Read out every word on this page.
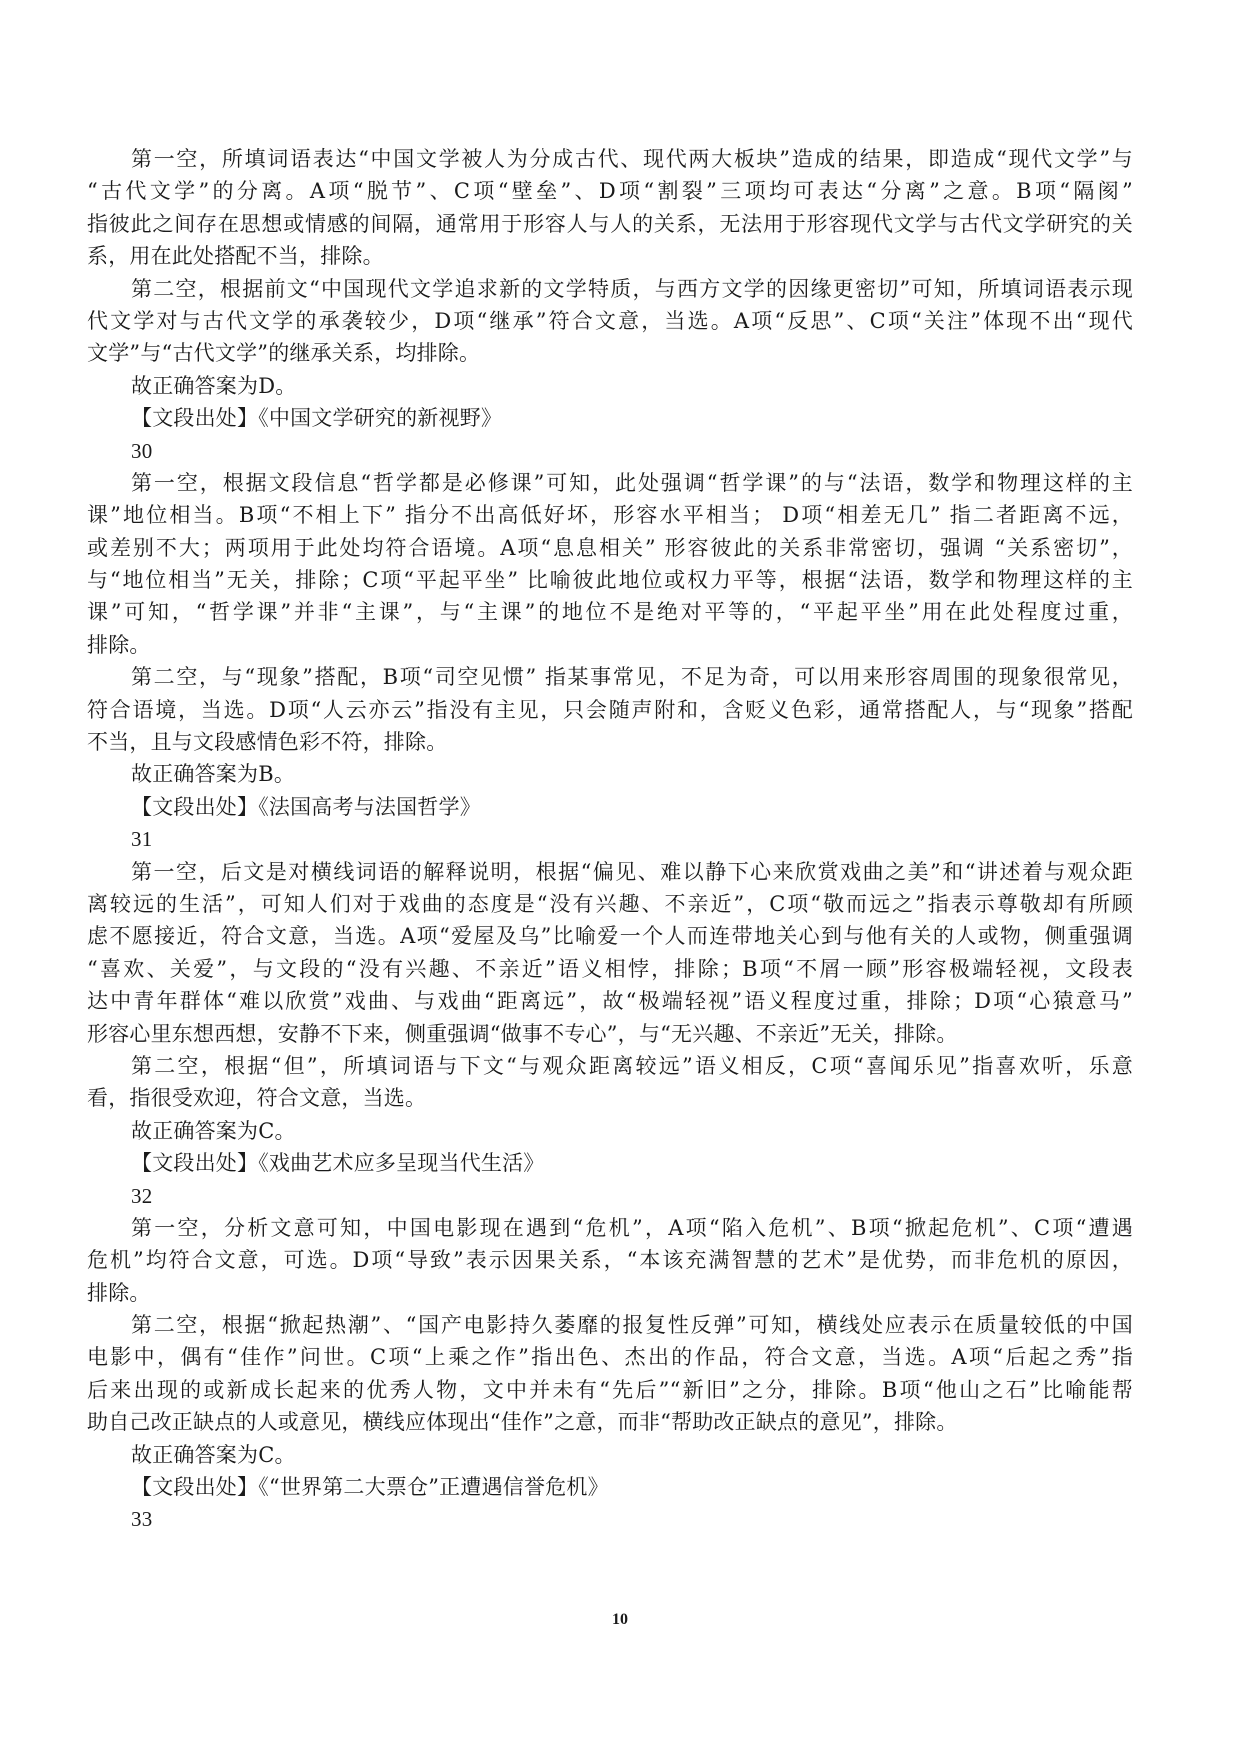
第一空，所填词语表达“中国文学被人为分成古代、现代两大板块”造成的结果，即造成“现代文学”与
“古代文学”的分离。A项“脱节”、C项“壁垒”、D项“割裂”三项均可表达“分离”之意。B项“隔阂”
指彼此之间存在思想或情感的间隔，通常用于形容人与人的关系，无法用于形容现代文学与古代文学研究的关
系，用在此处搭配不当，排除。
第二空，根据前文“中国现代文学追求新的文学特质，与西方文学的因缘更密切”可知，所填词语表示现
代文学对与古代文学的承袭较少，D项“继承”符合文意，当选。A项“反思”、C项“关注”体现不出“现代
文学”与“古代文学”的继承关系，均排除。
故正确答案为D。
【文段出处】《中国文学研究的新视野》
30
第一空，根据文段信息“哲学都是必修课”可知，此处强调“哲学课”的与“法语，数学和物理这样的主
课”地位相当。B项“不相上下” 指分不出高低好坏，形容水平相当； D项“相差无几” 指二者距离不远，
或差别不大；两项用于此处均符合语境。A项“息息相关” 形容彼此的关系非常密切，强调 “关系密切”，
与“地位相当”无关，排除；C项“平起平坐” 比喻彼此地位或权力平等，根据“法语，数学和物理这样的主
课”可知，“哲学课”并非“主课”，与“主课”的地位不是绝对平等的，“平起平坐”用在此处程度过重，
排除。
第二空，与“现象”搭配，B项“司空见惯” 指某事常见，不足为奇，可以用来形容周围的现象很常见，
符合语境，当选。D项“人云亦云”指没有主见，只会随声附和，含贬义色彩，通常搭配人，与“现象”搭配
不当，且与文段感情色彩不符，排除。
故正确答案为B。
【文段出处】《法国高考与法国哲学》
31
第一空，后文是对横线词语的解释说明，根据“偏见、难以静下心来欣赏戏曲之美”和“讲述着与观众距
离较远的生活”，可知人们对于戏曲的态度是“没有兴趣、不亲近”，C项“敬而远之”指表示尊敬却有所顾
虑不愿接近，符合文意，当选。A项“爱屋及乌”比喻爱一个人而连带地关心到与他有关的人或物，侧重强调
“喜欢、关爱”，与文段的“没有兴趣、不亲近”语义相悖，排除；B项“不屑一顾”形容极端轻视，文段表
达中青年群体“难以欣赏”戏曲、与戏曲“距离远”，故“极端轻视”语义程度过重，排除；D项“心猿意马”
形容心里东想西想，安静不下来，侧重强调“做事不专心”，与“无兴趣、不亲近”无关，排除。
第二空，根据“但”，所填词语与下文“与观众距离较远”语义相反，C项“喜闻乐见”指喜欢听，乐意
看，指很受欢迎，符合文意，当选。
故正确答案为C。
【文段出处】《戏曲艺术应多呈现当代生活》
32
第一空，分析文意可知，中国电影现在遇到“危机”，A项“陷入危机”、B项“掀起危机”、C项“遭遇
危机”均符合文意，可选。D项“导致”表示因果关系，“本该充满智慧的艺术”是优势，而非危机的原因，
排除。
第二空，根据“掀起热潮”、“国产电影持久萎靡的报复性反弹”可知，横线处应表示在质量较低的中国
电影中，偶有“佳作”问世。C项“上乘之作”指出色、杰出的作品，符合文意，当选。A项“后起之秀”指
后来出现的或新成长起来的优秀人物，文中并未有“先后”“新旧”之分，排除。B项“他山之石”比喻能帮
助自己改正缺点的人或意见，横线应体现出“佳作”之意，而非“帮助改正缺点的意见”，排除。
故正确答案为C。
【文段出处】《“世界第二大票仓”正遭遇信誉危机》
33
10
